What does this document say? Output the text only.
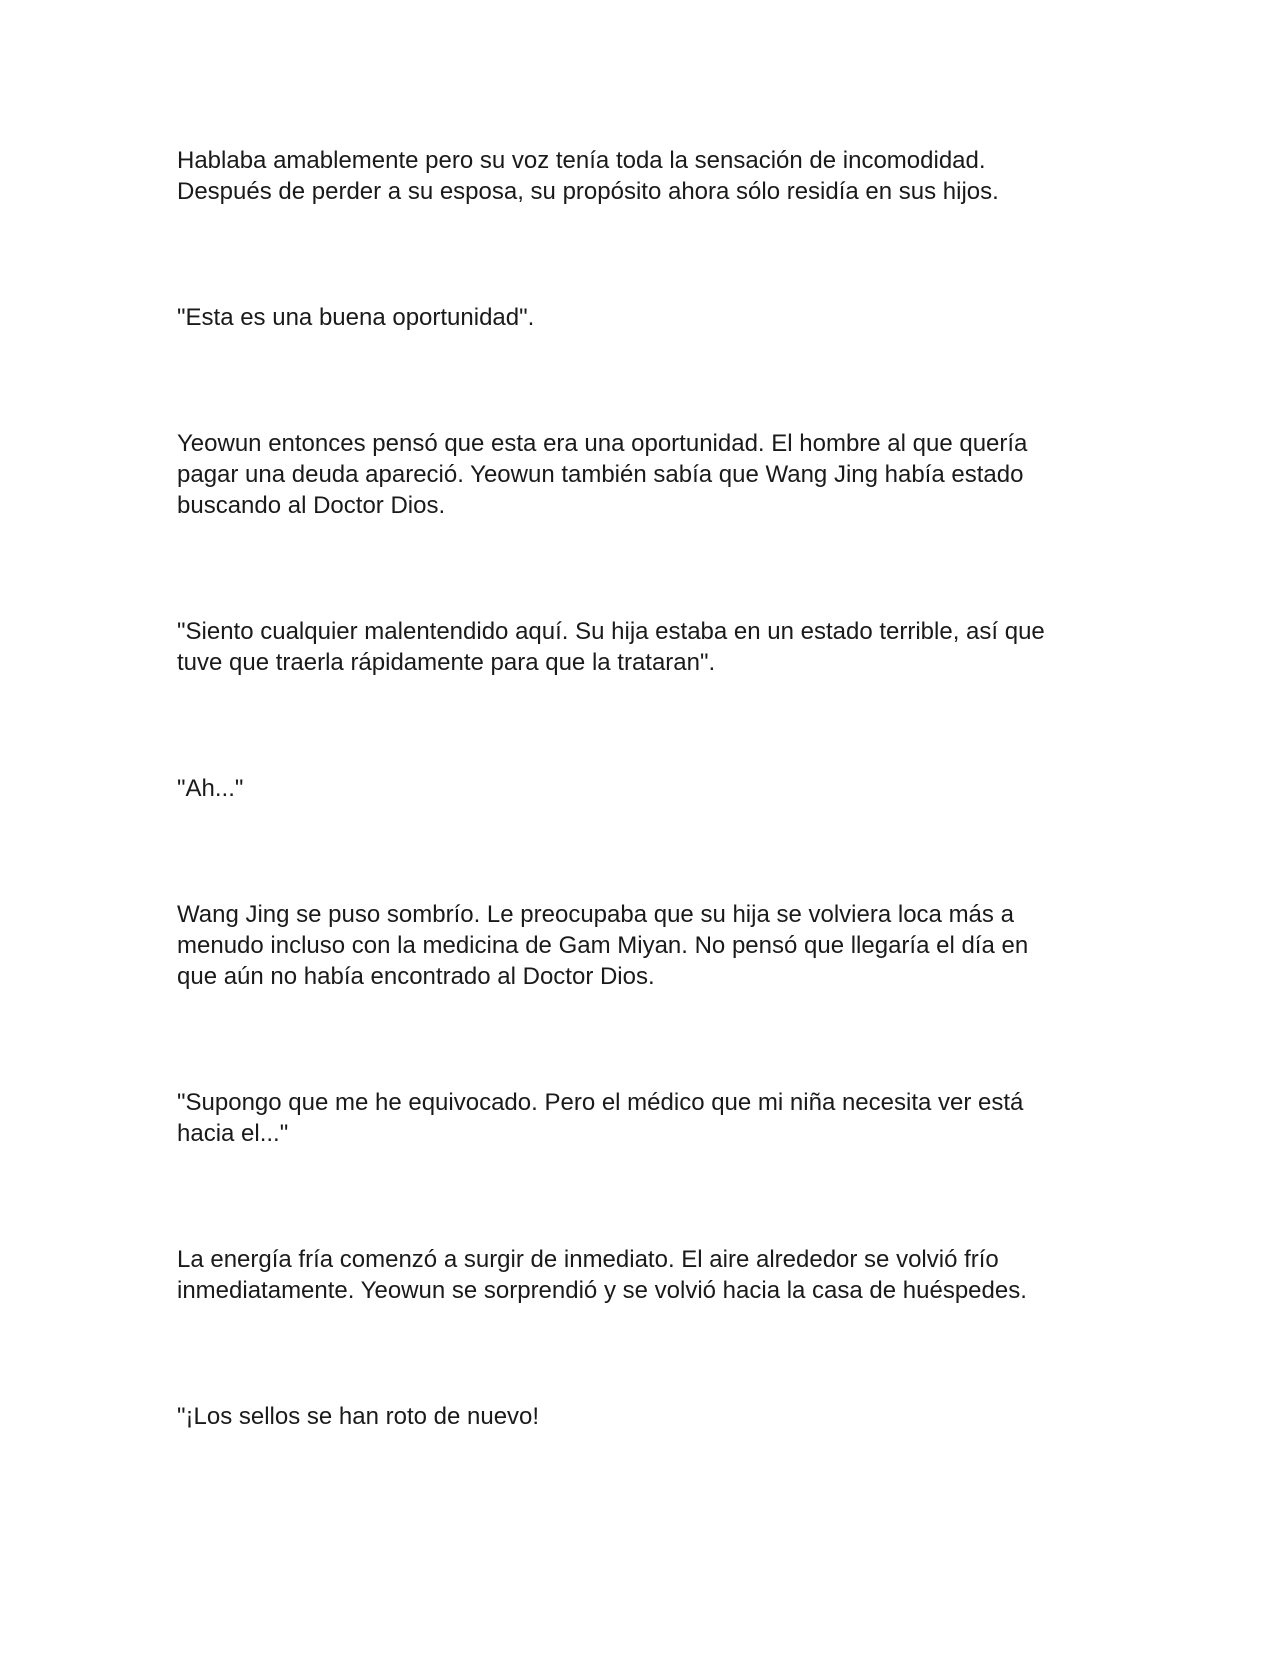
Hablaba amablemente pero su voz tenía toda la sensación de incomodidad.
Después de perder a su esposa, su propósito ahora sólo residía en sus hijos.

"Esta es una buena oportunidad".

Yeowun entonces pensó que esta era una oportunidad. El hombre al que quería
pagar una deuda apareció. Yeowun también sabía que Wang Jing había estado
buscando al Doctor Dios.

"Siento cualquier malentendido aquí. Su hija estaba en un estado terrible, así que
tuve que traerla rápidamente para que la trataran".

"Ah..."

Wang Jing se puso sombrío. Le preocupaba que su hija se volviera loca más a
menudo incluso con la medicina de Gam Miyan. No pensó que llegaría el día en
que aún no había encontrado al Doctor Dios.

"Supongo que me he equivocado. Pero el médico que mi niña necesita ver está
hacia el..."

La energía fría comenzó a surgir de inmediato. El aire alrededor se volvió frío
inmediatamente. Yeowun se sorprendió y se volvió hacia la casa de huéspedes.

"¡Los sellos se han roto de nuevo!
